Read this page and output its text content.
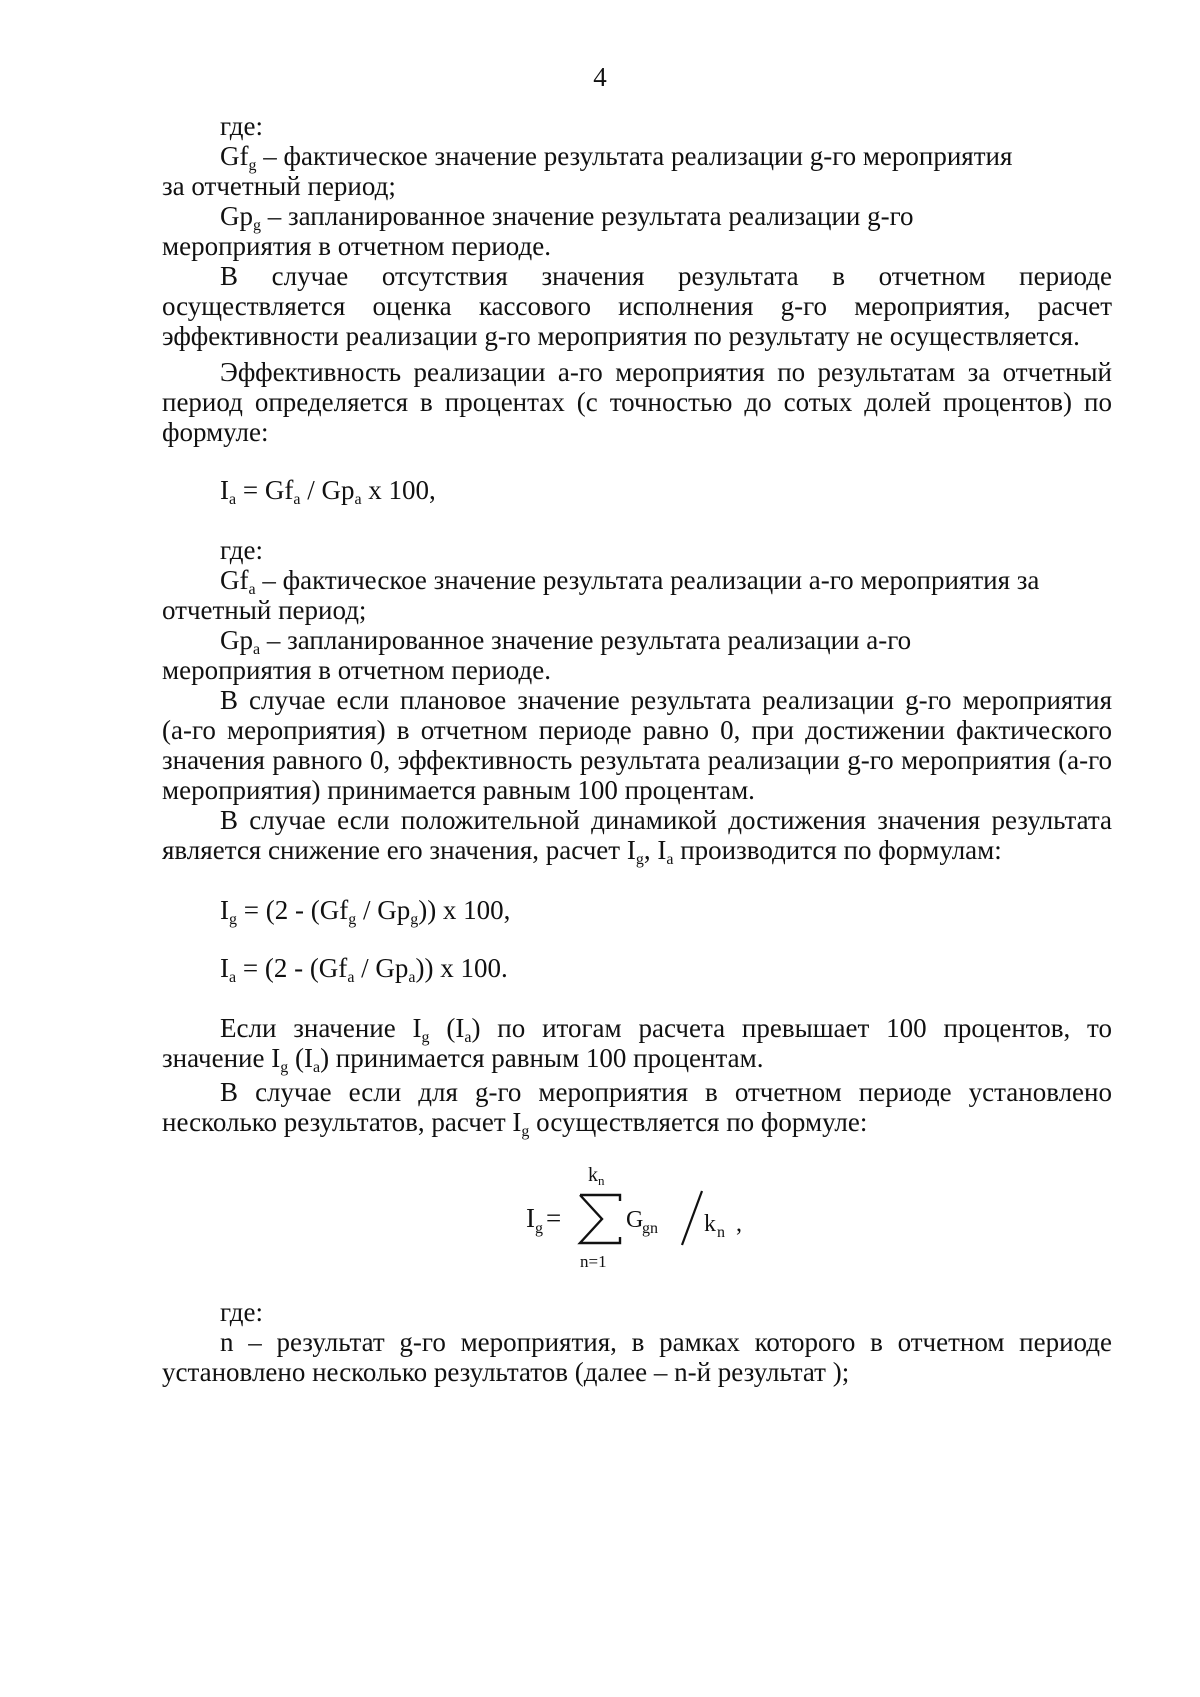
4

где:

$Gf_g$ – фактическое значение результата реализации g-го мероприятия
за отчетный период;

$Gp_g$ – запланированное значение результата реализации g-го
мероприятия в отчетном периоде.

В случае отсутствия значения результата в отчетном периоде осуществляется оценка кассового исполнения g-го мероприятия, расчет эффективности реализации g-го мероприятия по результату не осуществляется.

Эффективность реализации a-го мероприятия по результатам за отчетный период определяется в процентах (с точностью до сотых долей процентов) по формуле:

$I_a = Gf_a / Gp_a$ x 100,

где:

$Gf_a$ – фактическое значение результата реализации а-го мероприятия за
отчетный период;

$Gp_a$ – запланированное значение результата реализации а-го
мероприятия в отчетном периоде.

В случае если плановое значение результата реализации g-го мероприятия (а-го мероприятия) в отчетном периоде равно 0, при достижении фактического значения равного 0, эффективность результата реализации g-го мероприятия (а-го мероприятия) принимается равным 100 процентам.

В случае если положительной динамикой достижения значения результата является снижение его значения, расчет $I_g$, $I_a$ производится по формулам:

$I_g = (2 - (Gf_g / Gp_g))$ x 100,

$I_a = (2 - (Gf_a / Gp_a))$ x 100.

Если значение $I_g$ $(I_a)$ по итогам расчета превышает 100 процентов, то значение $I_g$ $(I_a)$ принимается равным 100 процентам.

В случае если для g-го мероприятия в отчетном периоде установлено несколько результатов, расчет $I_g$ осуществляется по формуле:

I g =
k n
n=1
G
gn k n ,

где:

n – результат g-го мероприятия, в рамках которого в отчетном периоде установлено несколько результатов (далее – n-й результат );
